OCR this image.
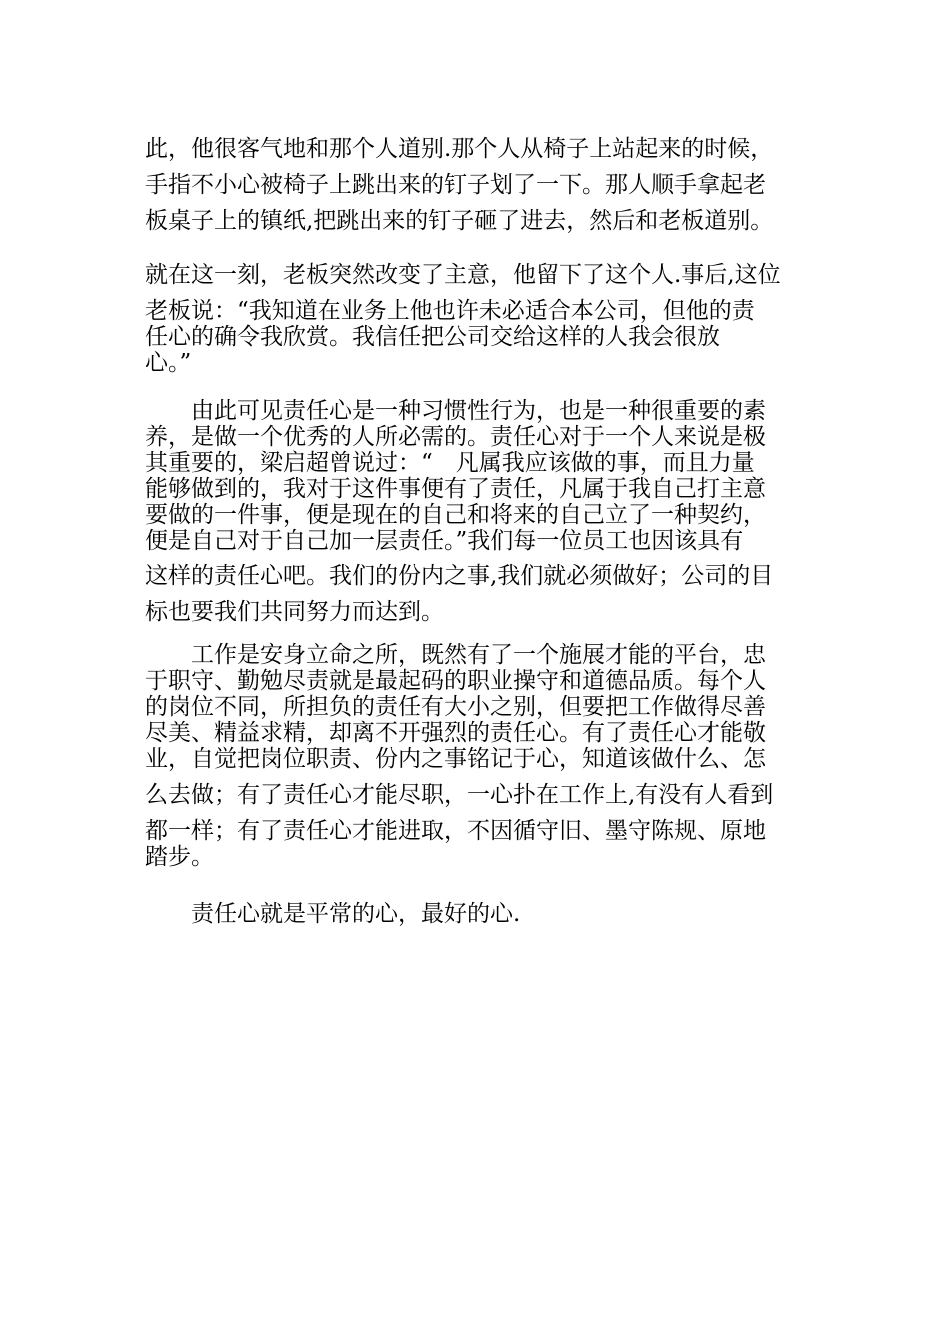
此，他很客气地和那个人道别.那个人从椅子上站起来的时候，
手指不小心被椅子上跳出来的钉子划了一下。那人顺手拿起老
板桌子上的镇纸,把跳出来的钉子砸了进去，然后和老板道别。
就在这一刻，老板突然改变了主意，他留下了这个人.事后,这位
老板说：“我知道在业务上他也许未必适合本公司，但他的责
任心的确令我欣赏。我信任把公司交给这样的人我会很放
心。”
由此可见责任心是一种习惯性行为，也是一种很重要的素
养，是做一个优秀的人所必需的。责任心对于一个人来说是极
其重要的，梁启超曾说过：“　凡属我应该做的事，而且力量
能够做到的，我对于这件事便有了责任，凡属于我自己打主意
要做的一件事，便是现在的自己和将来的自己立了一种契约，
便是自己对于自己加一层责任。”我们每一位员工也因该具有
这样的责任心吧。我们的份内之事,我们就必须做好；公司的目
标也要我们共同努力而达到。
工作是安身立命之所，既然有了一个施展才能的平台，忠
于职守、勤勉尽责就是最起码的职业操守和道德品质。每个人
的岗位不同，所担负的责任有大小之别，但要把工作做得尽善
尽美、精益求精，却离不开强烈的责任心。有了责任心才能敬
业，自觉把岗位职责、份内之事铭记于心，知道该做什么、怎
么去做；有了责任心才能尽职，一心扑在工作上,有没有人看到
都一样；有了责任心才能进取，不因循守旧、墨守陈规、原地
踏步。
责任心就是平常的心，最好的心.
